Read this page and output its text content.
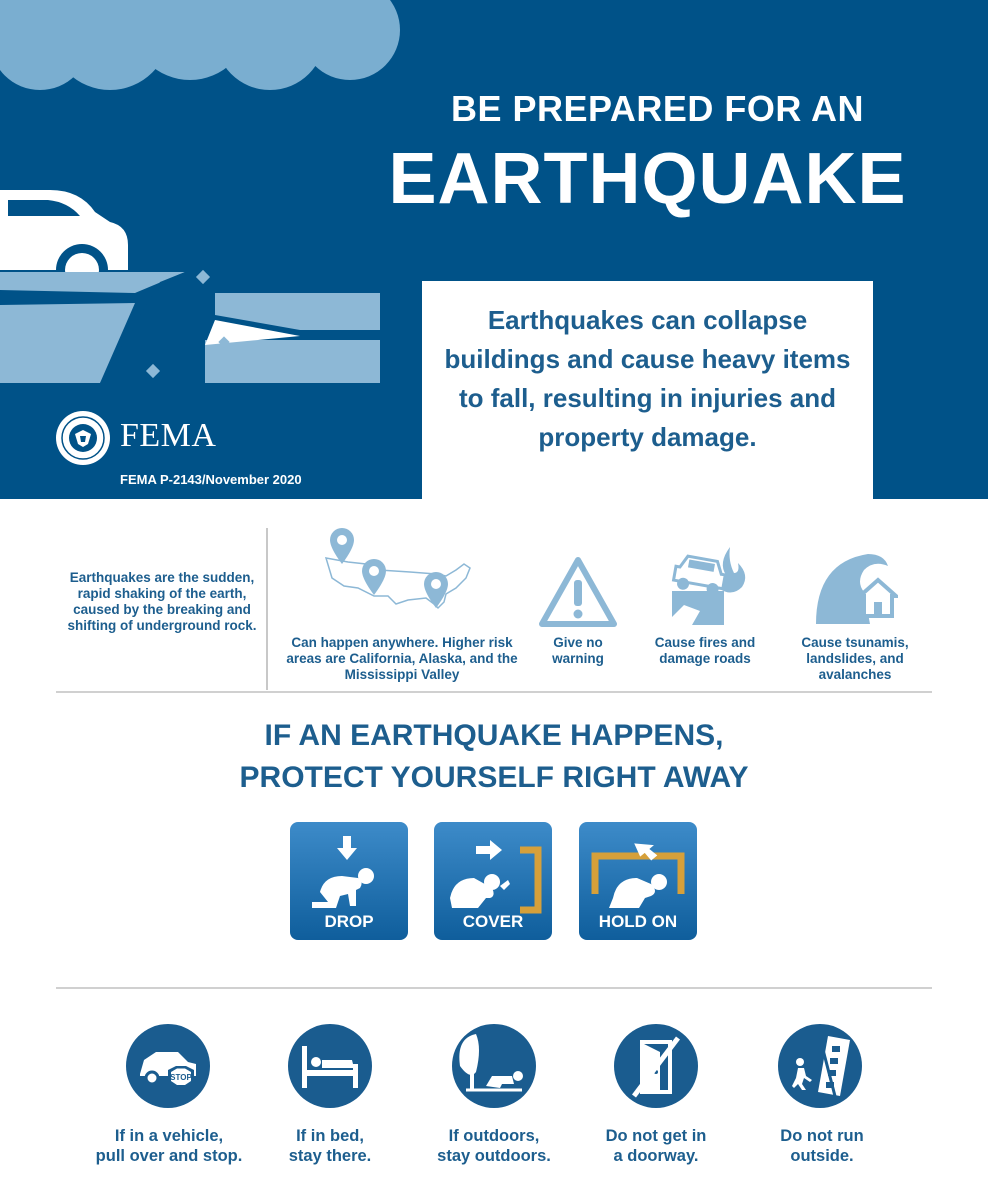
BE PREPARED FOR AN
EARTHQUAKE

Earthquakes can collapse buildings and cause heavy items to fall, resulting in injuries and property damage.

FEMA
FEMA P-2143/November 2020
Earthquakes are the sudden, rapid shaking of the earth, caused by the breaking and shifting of underground rock.
Can happen anywhere. Higher risk areas are California, Alaska, and the Mississippi Valley
Give no warning
Cause fires and damage roads
Cause tsunamis, landslides, and avalanches
IF AN EARTHQUAKE HAPPENS,
PROTECT YOURSELF RIGHT AWAY
DROP	COVER	HOLD ON
STOP
If in a vehicle,
pull over and stop.
If in bed,
stay there.
If outdoors,
stay outdoors.
Do not get in
a doorway.
Do not run
outside.
